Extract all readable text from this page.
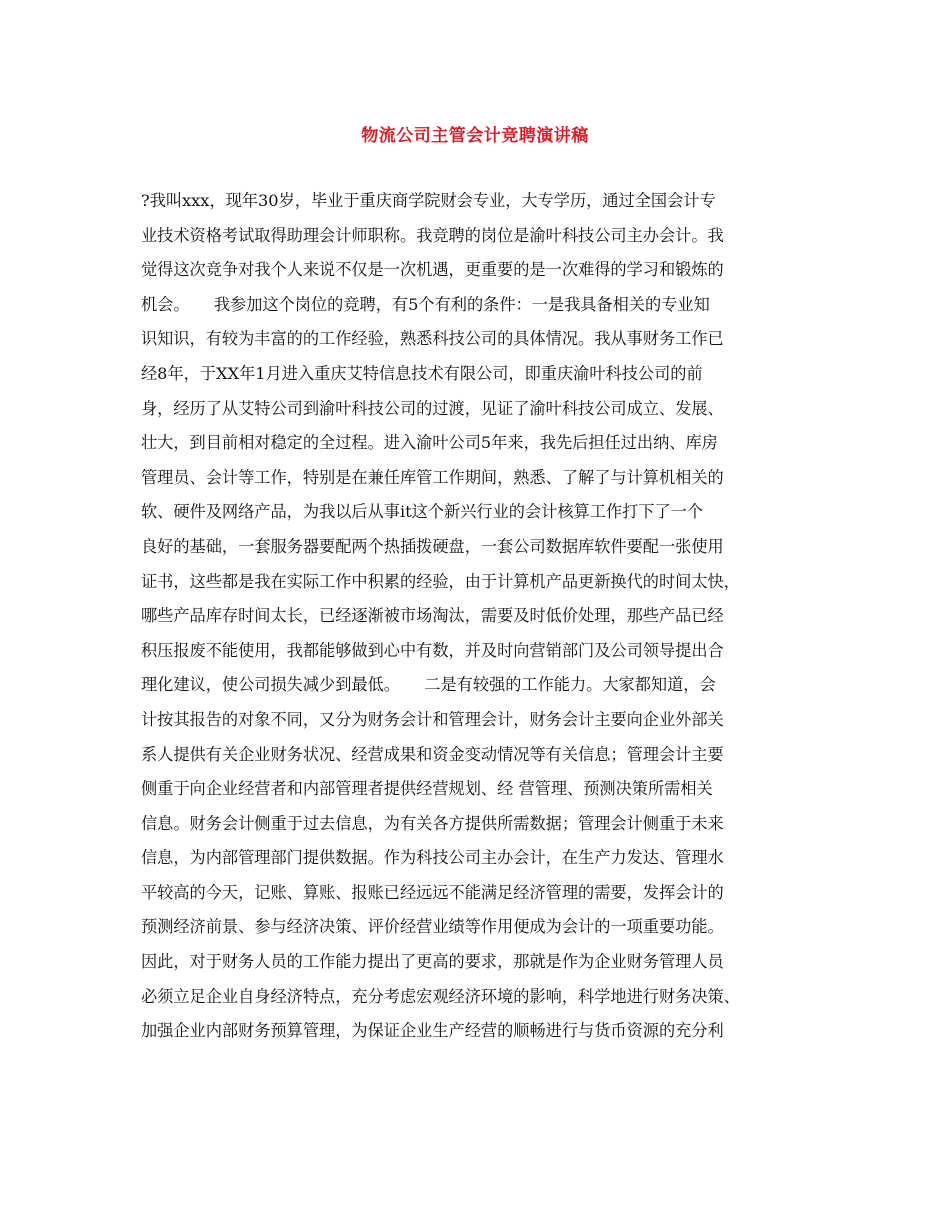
物流公司主管会计竞聘演讲稿
?我叫xxx，现年30岁，毕业于重庆商学院财会专业，大专学历，通过全国会计专
业技术资格考试取得助理会计师职称。我竞聘的岗位是渝叶科技公司主办会计。我
觉得这次竞争对我个人来说不仅是一次机遇，更重要的是一次难得的学习和锻炼的
机会。　　我参加这个岗位的竞聘，有5个有利的条件：一是我具备相关的专业知
识知识，有较为丰富的的工作经验，熟悉科技公司的具体情况。我从事财务工作已
经8年，于XX年1月进入重庆艾特信息技术有限公司，即重庆渝叶科技公司的前
身，经历了从艾特公司到渝叶科技公司的过渡，见证了渝叶科技公司成立、发展、
壮大，到目前相对稳定的全过程。进入渝叶公司5年来，我先后担任过出纳、库房
管理员、会计等工作，特别是在兼任库管工作期间，熟悉、了解了与计算机相关的
软、硬件及网络产品，为我以后从事it这个新兴行业的会计核算工作打下了一个
良好的基础，一套服务器要配两个热插拨硬盘，一套公司数据库软件要配一张使用
证书，这些都是我在实际工作中积累的经验，由于计算机产品更新换代的时间太快，
哪些产品库存时间太长，已经逐渐被市场淘汰，需要及时低价处理，那些产品已经
积压报废不能使用，我都能够做到心中有数，并及时向营销部门及公司领导提出合
理化建议，使公司损失减少到最低。　　二是有较强的工作能力。大家都知道，会
计按其报告的对象不同，又分为财务会计和管理会计，财务会计主要向企业外部关
系人提供有关企业财务状况、经营成果和资金变动情况等有关信息；管理会计主要
侧重于向企业经营者和内部管理者提供经营规划、经 营管理、预测决策所需相关
信息。财务会计侧重于过去信息，为有关各方提供所需数据；管理会计侧重于未来
信息，为内部管理部门提供数据。作为科技公司主办会计，在生产力发达、管理水
平较高的今天，记账、算账、报账已经远远不能满足经济管理的需要，发挥会计的
预测经济前景、参与经济决策、评价经营业绩等作用便成为会计的一项重要功能。
因此，对于财务人员的工作能力提出了更高的要求，那就是作为企业财务管理人员
必须立足企业自身经济特点，充分考虑宏观经济环境的影响，科学地进行财务决策、
加强企业内部财务预算管理，为保证企业生产经营的顺畅进行与货币资源的充分利
